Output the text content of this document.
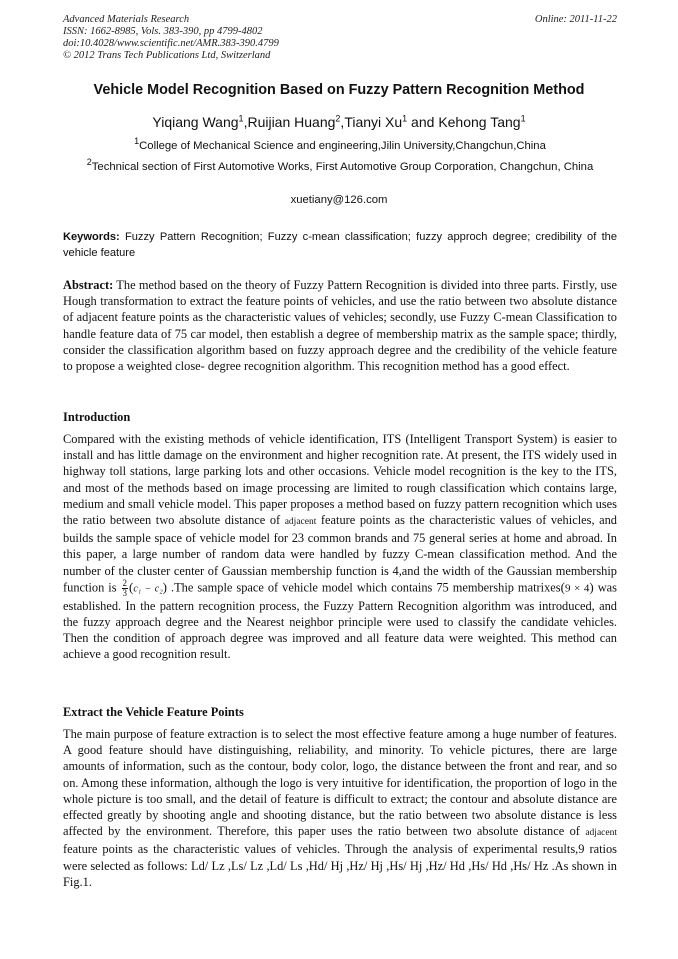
Advanced Materials Research
ISSN: 1662-8985, Vols. 383-390, pp 4799-4802
doi:10.4028/www.scientific.net/AMR.383-390.4799
© 2012 Trans Tech Publications Ltd, Switzerland
Online: 2011-11-22
Vehicle Model Recognition Based on Fuzzy Pattern Recognition Method
Yiqiang Wang$^1$,Ruijian Huang$^2$,Tianyi Xu$^1$ and Kehong Tang$^1$
$^1$College of Mechanical Science and engineering,Jilin University,Changchun,China
$^2$Technical section of First Automotive Works, First Automotive Group Corporation, Changchun, China
xuetiany@126.com
Keywords: Fuzzy Pattern Recognition; Fuzzy c-mean classification; fuzzy approch degree; credibility of the vehicle feature
Abstract: The method based on the theory of Fuzzy Pattern Recognition is divided into three parts. Firstly, use Hough transformation to extract the feature points of vehicles, and use the ratio between two absolute distance of adjacent feature points as the characteristic values of vehicles; secondly, use Fuzzy C-mean Classification to handle feature data of 75 car model, then establish a degree of membership matrix as the sample space; thirdly, consider the classification algorithm based on fuzzy approach degree and the credibility of the vehicle feature to propose a weighted close- degree recognition algorithm. This recognition method has a good effect.
Introduction
Compared with the existing methods of vehicle identification, ITS (Intelligent Transport System) is easier to install and has little damage on the environment and higher recognition rate. At present, the ITS widely used in highway toll stations, large parking lots and other occasions. Vehicle model recognition is the key to the ITS, and most of the methods based on image processing are limited to rough classification which contains large, medium and small vehicle model. This paper proposes a method based on fuzzy pattern recognition which uses the ratio between two absolute distance of adjacent feature points as the characteristic values of vehicles, and builds the sample space of vehicle model for 23 common brands and 75 general series at home and abroad. In this paper, a large number of random data were handled by fuzzy C-mean classification method. And the number of the cluster center of Gaussian membership function is 4,and the width of the Gaussian membership function is $\frac{2}{3} (c_1 - c_2)$ .The sample space of vehicle model which contains 75 membership matrixes(9 × 4) was established. In the pattern recognition process, the Fuzzy Pattern Recognition algorithm was introduced, and the fuzzy approach degree and the Nearest neighbor principle were used to classify the candidate vehicles. Then the condition of approach degree was improved and all feature data were weighted. This method can achieve a good recognition result.
Extract the Vehicle Feature Points
The main purpose of feature extraction is to select the most effective feature among a huge number of features. A good feature should have distinguishing, reliability, and minority. To vehicle pictures, there are large amounts of information, such as the contour, body color, logo, the distance between the front and rear, and so on. Among these information, although the logo is very intuitive for identification, the proportion of logo in the whole picture is too small, and the detail of feature is difficult to extract; the contour and absolute distance are effected greatly by shooting angle and shooting distance, but the ratio between two absolute distance is less affected by the environment. Therefore, this paper uses the ratio between two absolute distance of adjacent feature points as the characteristic values of vehicles. Through the analysis of experimental results,9 ratios were selected as follows: Ld/ Lz ,Ls/ Lz ,Ld/ Ls ,Hd/ Hj ,Hz/ Hj ,Hs/ Hj ,Hz/ Hd ,Hs/ Hd ,Hs/ Hz .As shown in Fig.1.
